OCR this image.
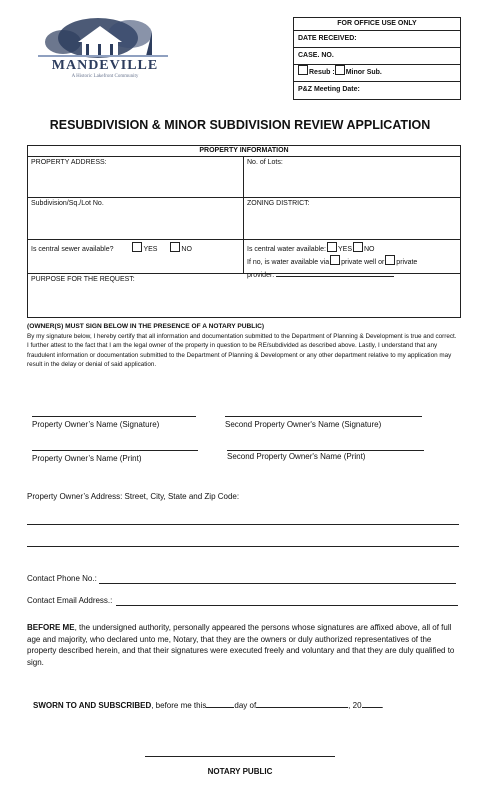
MANDEVILLE
A Historic Lakefront Community
FOR OFFICE USE ONLY
DATE RECEIVED:
CASE. NO.
Resub : Minor Sub.
P&Z Meeting Date:
RESUBDIVISION & MINOR SUBDIVISION REVIEW APPLICATION
PROPERTY INFORMATION
PROPERTY ADDRESS:	No. of Lots:
Subdivision/Sq./Lot No.	ZONING DISTRICT:
Is central sewer available?	YES	NO	Is central water available: YES NO
If no, is water available via private well or private
provider:
PURPOSE FOR THE REQUEST:
(OWNER(S) MUST SIGN BELOW IN THE PRESENCE OF A NOTARY PUBLIC)
By my signature below, I hereby certify that all information and documentation submitted to the Department of Planning & Development is true and correct. I further attest to the fact that I am the legal owner of the property in question to be RE/subdivided as described above. Lastly, I understand that any fraudulent information or documentation submitted to the Department of Planning & Development or any other department relative to my application may result in the delay or denial of said application.
Property Owner’s Name (Signature)	Second Property Owner's Name (Signature)
Property Owner’s Name (Print)	Second Property Owner's Name (Print)
Property Owner’s Address: Street, City, State and Zip Code:
Contact Phone No.:
Contact Email Address.:
BEFORE ME, the undersigned authority, personally appeared the persons whose signatures are affixed above, all of full age and majority, who declared unto me, Notary, that they are the owners or duly authorized representatives of the property described herein, and that their signatures were executed freely and voluntary and that they are duly qualified to sign.
SWORN TO AND SUBSCRIBED, before me this	day of	, 20	.
NOTARY PUBLIC
